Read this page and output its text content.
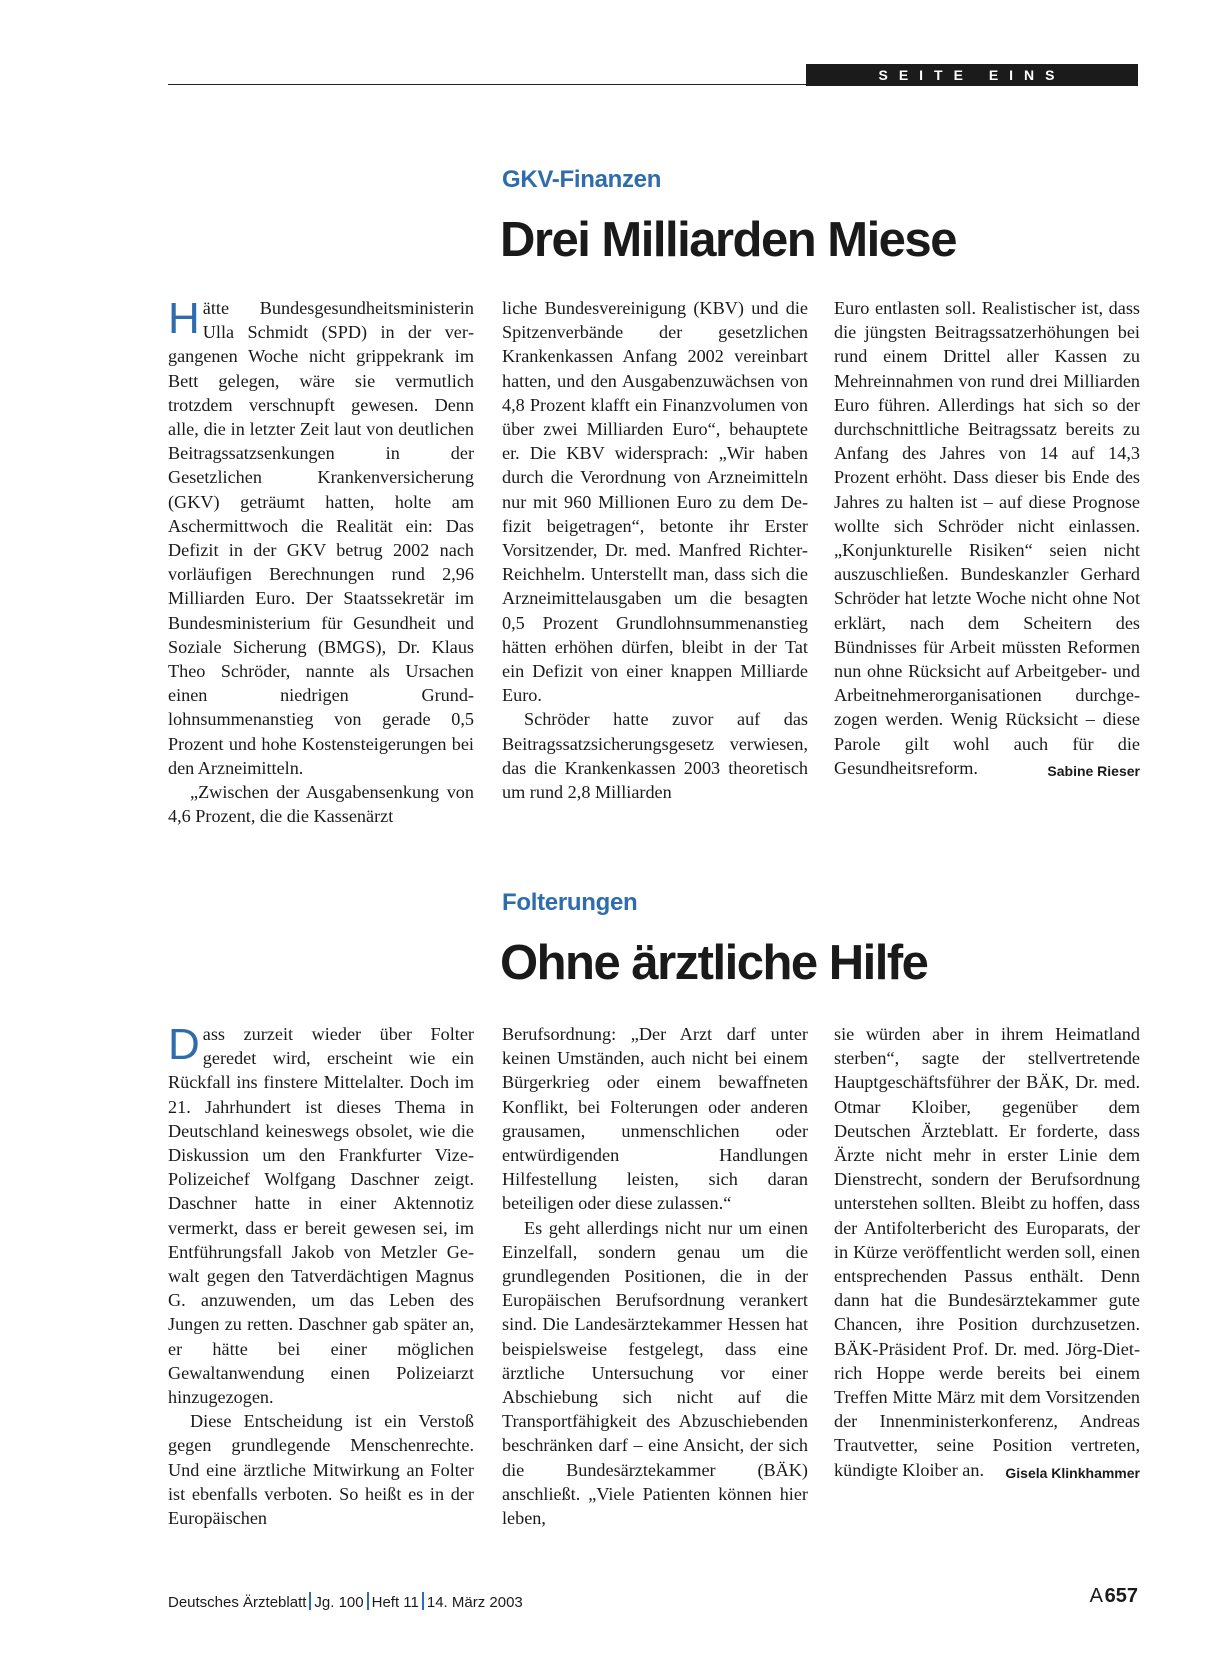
SEITE EINS
GKV-Finanzen
Drei Milliarden Miese

Hätte Bundesgesundheitsministerin Ulla Schmidt (SPD) in der vergangenen Woche nicht grippekrank im Bett gelegen, wäre sie vermutlich trotzdem verschnupft gewesen. Denn alle, die in letzter Zeit laut von deutlichen Beitragssatzsenkungen in der Gesetzlichen Krankenversicherung (GKV) geträumt hatten, holte am Aschermittwoch die Realität ein: Das Defizit in der GKV betrug 2002 nach vorläufigen Berechnungen rund 2,96 Milliarden Euro. Der Staatssekretär im Bundesministerium für Gesundheit und Soziale Sicherung (BMGS), Dr. Klaus Theo Schröder, nannte als Ursachen einen niedrigen Grundlohnsummenanstieg von gerade 0,5 Prozent und hohe Kostensteigerungen bei den Arzneimitteln.

„Zwischen der Ausgabensenkung von 4,6 Prozent, die die Kassenärzt

liche Bundesvereinigung (KBV) und die Spitzenverbände der gesetzlichen Krankenkassen Anfang 2002 vereinbart hatten, und den Ausgabenzuwächsen von 4,8 Prozent klafft ein Finanzvolumen von über zwei Milliarden Euro“, behauptete er. Die KBV widersprach: „Wir haben durch die Verordnung von Arzneimitteln nur mit 960 Millionen Euro zu dem Defizit beigetragen“, betonte ihr Erster Vorsitzender, Dr. med. Manfred Richter-Reichhelm. Unterstellt man, dass sich die Arzneimittelausgaben um die besagten 0,5 Prozent Grundlohnsummenanstieg hätten erhöhen dürfen, bleibt in der Tat ein Defizit von einer knappen Milliarde Euro.

Schröder hatte zuvor auf das Beitragssatzsicherungsgesetz verwiesen, das die Krankenkassen 2003 theoretisch um rund 2,8 Milliarden

Euro entlasten soll. Realistischer ist, dass die jüngsten Beitragssatzerhöhungen bei rund einem Drittel aller Kassen zu Mehreinnahmen von rund drei Milliarden Euro führen. Allerdings hat sich so der durchschnittliche Beitragssatz bereits zu Anfang des Jahres von 14 auf 14,3 Prozent erhöht. Dass dieser bis Ende des Jahres zu halten ist – auf diese Prognose wollte sich Schröder nicht einlassen. „Konjunkturelle Risiken“ seien nicht auszuschließen. Bundeskanzler Gerhard Schröder hat letzte Woche nicht ohne Not erklärt, nach dem Scheitern des Bündnisses für Arbeit müssten Reformen nun ohne Rücksicht auf Arbeitgeber- und Arbeitnehmerorganisationen durchgezogen werden. Wenig Rücksicht – diese Parole gilt wohl auch für die Gesundheitsreform.	Sabine Rieser

Folterungen
Ohne ärztliche Hilfe

Dass zurzeit wieder über Folter geredet wird, erscheint wie ein Rückfall ins finstere Mittelalter. Doch im 21. Jahrhundert ist dieses Thema in Deutschland keineswegs obsolet, wie die Diskussion um den Frankfurter Vize-Polizeichef Wolfgang Daschner zeigt. Daschner hatte in einer Aktennotiz vermerkt, dass er bereit gewesen sei, im Entführungsfall Jakob von Metzler Gewalt gegen den Tatverdächtigen Magnus G. anzuwenden, um das Leben des Jungen zu retten. Daschner gab später an, er hätte bei einer möglichen Gewaltanwendung einen Polizeiarzt hinzugezogen.

Diese Entscheidung ist ein Verstoß gegen grundlegende Menschenrechte. Und eine ärztliche Mitwirkung an Folter ist ebenfalls verboten. So heißt es in der Europäischen

Berufsordnung: „Der Arzt darf unter keinen Umständen, auch nicht bei einem Bürgerkrieg oder einem bewaffneten Konflikt, bei Folterungen oder anderen grausamen, unmenschlichen oder entwürdigenden Handlungen Hilfestellung leisten, sich daran beteiligen oder diese zulassen.“

Es geht allerdings nicht nur um einen Einzelfall, sondern genau um die grundlegenden Positionen, die in der Europäischen Berufsordnung verankert sind. Die Landesärztekammer Hessen hat beispielsweise festgelegt, dass eine ärztliche Untersuchung vor einer Abschiebung sich nicht auf die Transportfähigkeit des Abzuschiebenden beschränken darf – eine Ansicht, der sich die Bundesärztekammer (BÄK) anschließt. „Viele Patienten können hier leben,

sie würden aber in ihrem Heimatland sterben“, sagte der stellvertretende Hauptgeschäftsführer der BÄK, Dr. med. Otmar Kloiber, gegenüber dem Deutschen Ärzteblatt. Er forderte, dass Ärzte nicht mehr in erster Linie dem Dienstrecht, sondern der Berufsordnung unterstehen sollten. Bleibt zu hoffen, dass der Antifolterbericht des Europarats, der in Kürze veröffentlicht werden soll, einen entsprechenden Passus enthält. Denn dann hat die Bundesärztekammer gute Chancen, ihre Position durchzusetzen. BÄK-Präsident Prof. Dr. med. Jörg-Dietrich Hoppe werde bereits bei einem Treffen Mitte März mit dem Vorsitzenden der Innenministerkonferenz, Andreas Trautvetter, seine Position vertreten, kündigte Kloiber an. Gisela Klinkhammer

Deutsches Ärzteblatt Jg. 100 Heft 11 14. März 2003	A 657
